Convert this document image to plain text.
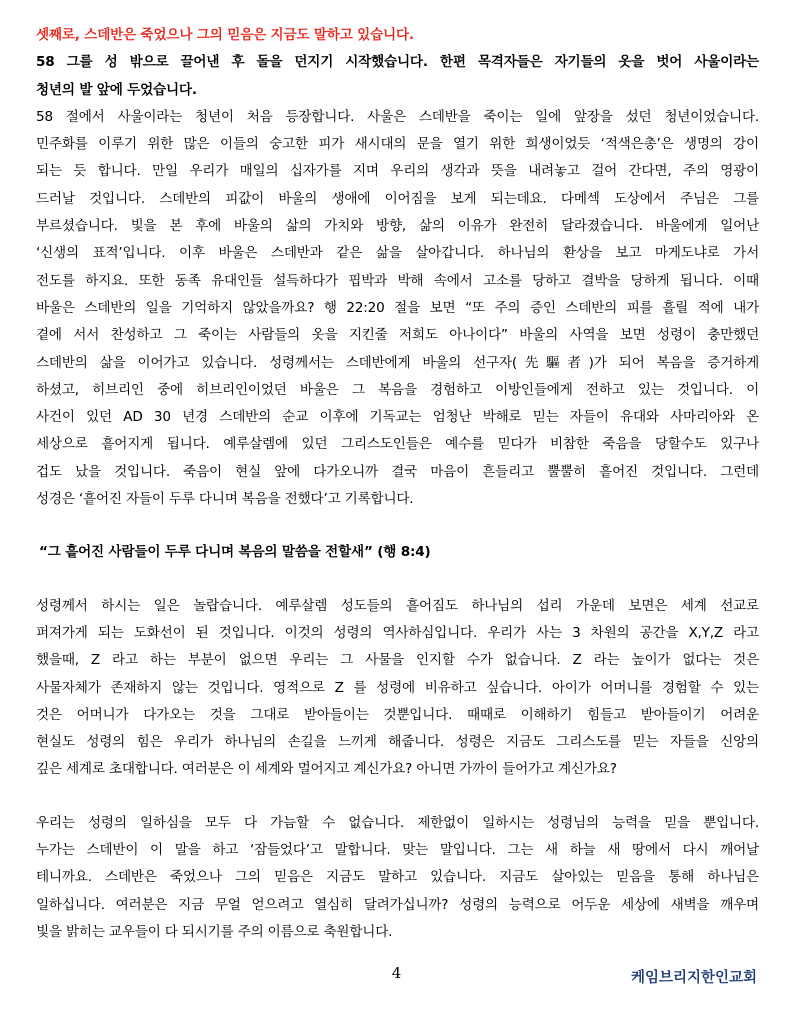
셋째로, 스데반은 죽었으나 그의 믿음은 지금도 말하고 있습니다.
58 그를 성 밖으로 끌어낸 후 돌을 던지기 시작했습니다. 한편 목격자들은 자기들의 옷을 벗어 사울이라는
청년의 발 앞에 두었습니다.
58 절에서 사울이라는 청년이 처음 등장합니다. 사울은 스데반을 죽이는 일에 앞장을 섰던 청년이었습니다.
민주화를 이루기 위한 많은 이들의 숭고한 피가 새시대의 문을 열기 위한 희생이었듯 ‘적색은총’은 생명의 강이
되는 듯 합니다. 만일 우리가 매일의 십자가를 지며 우리의 생각과 뜻을 내려놓고 걸어 간다면, 주의 영광이
드러날 것입니다. 스데반의 피값이 바울의 생애에 이어짐을 보게 되는데요. 다메섹 도상에서 주님은 그를
부르셨습니다. 빛을 본 후에 바울의 삶의 가치와 방향, 삶의 이유가 완전히 달라졌습니다. 바울에게 일어난
‘신생의 표적’입니다. 이후 바울은 스데반과 같은 삶을 살아갑니다. 하나님의 환상을 보고 마게도냐로 가서
전도를 하지요. 또한 동족 유대인들 설득하다가 핍박과 박해 속에서 고소를 당하고 결박을 당하게 됩니다. 이때
바울은 스데반의 일을 기억하지 않았을까요? 행 22:20 절을 보면 “또 주의 증인 스데반의 피를 흘릴 적에 내가
곁에 서서 찬성하고 그 죽이는 사람들의 옷을 지킨줄 저희도 아나이다” 바울의 사역을 보면 성령이 충만했던
스데반의 삶을 이어가고 있습니다. 성령께서는 스데반에게 바울의 선구자(先驅者)가 되어 복음을 증거하게
하셨고, 히브리인 중에 히브리인이었던 바울은 그 복음을 경험하고 이방인들에게 전하고 있는 것입니다. 이
사건이 있던 AD 30 년경 스데반의 순교 이후에 기독교는 엄청난 박해로 믿는 자들이 유대와 사마리아와 온
세상으로 흩어지게 됩니다. 예루살렘에 있던 그리스도인들은 예수를 믿다가 비참한 죽음을 당할수도 있구나
겁도 났을 것입니다. 죽음이 현실 앞에 다가오니까 결국 마음이 흔들리고 뿔뿔히 흩어진 것입니다. 그런데
성경은 ‘흩어진 자들이 두루 다니며 복음을 전했다’고 기록합니다.
“그 흩어진 사람들이 두루 다니며 복음의 말씀을 전할새” (행 8:4)
성령께서 하시는 일은 놀랍습니다. 예루살렘 성도들의 흩어짐도 하나님의 섭리 가운데 보면은 세계 선교로
퍼져가게 되는 도화선이 된 것입니다. 이것의 성령의 역사하심입니다. 우리가 사는 3 차원의 공간을 X,Y,Z 라고
했을때, Z 라고 하는 부분이 없으면 우리는 그 사물을 인지할 수가 없습니다. Z 라는 높이가 없다는 것은
사물자체가 존재하지 않는 것입니다. 영적으로 Z 를 성령에 비유하고 싶습니다. 아이가 어머니를 경험할 수 있는
것은 어머니가 다가오는 것을 그대로 받아들이는 것뿐입니다. 때때로 이해하기 힘들고 받아들이기 어려운
현실도 성령의 힘은 우리가 하나님의 손길을 느끼게 해줍니다. 성령은 지금도 그리스도를 믿는 자들을 신앙의
깊은 세계로 초대합니다. 여러분은 이 세계와 멀어지고 계신가요? 아니면 가까이 들어가고 계신가요?
우리는 성령의 일하심을 모두 다 가늠할 수 없습니다. 제한없이 일하시는 성령님의 능력을 믿을 뿐입니다.
누가는 스데반이 이 말을 하고 ‘잠들었다’고 말합니다. 맞는 말입니다. 그는 새 하늘 새 땅에서 다시 깨어날
테니까요. 스데반은 죽었으나 그의 믿음은 지금도 말하고 있습니다. 지금도 살아있는 믿음을 통해 하나님은
일하십니다. 여러분은 지금 무얼 얻으려고 열심히 달려가십니까? 성령의 능력으로 어두운 세상에 새벽을 깨우며
빛을 밝히는 교우들이 다 되시기를 주의 이름으로 축원합니다.
4	케임브리지한인교회
